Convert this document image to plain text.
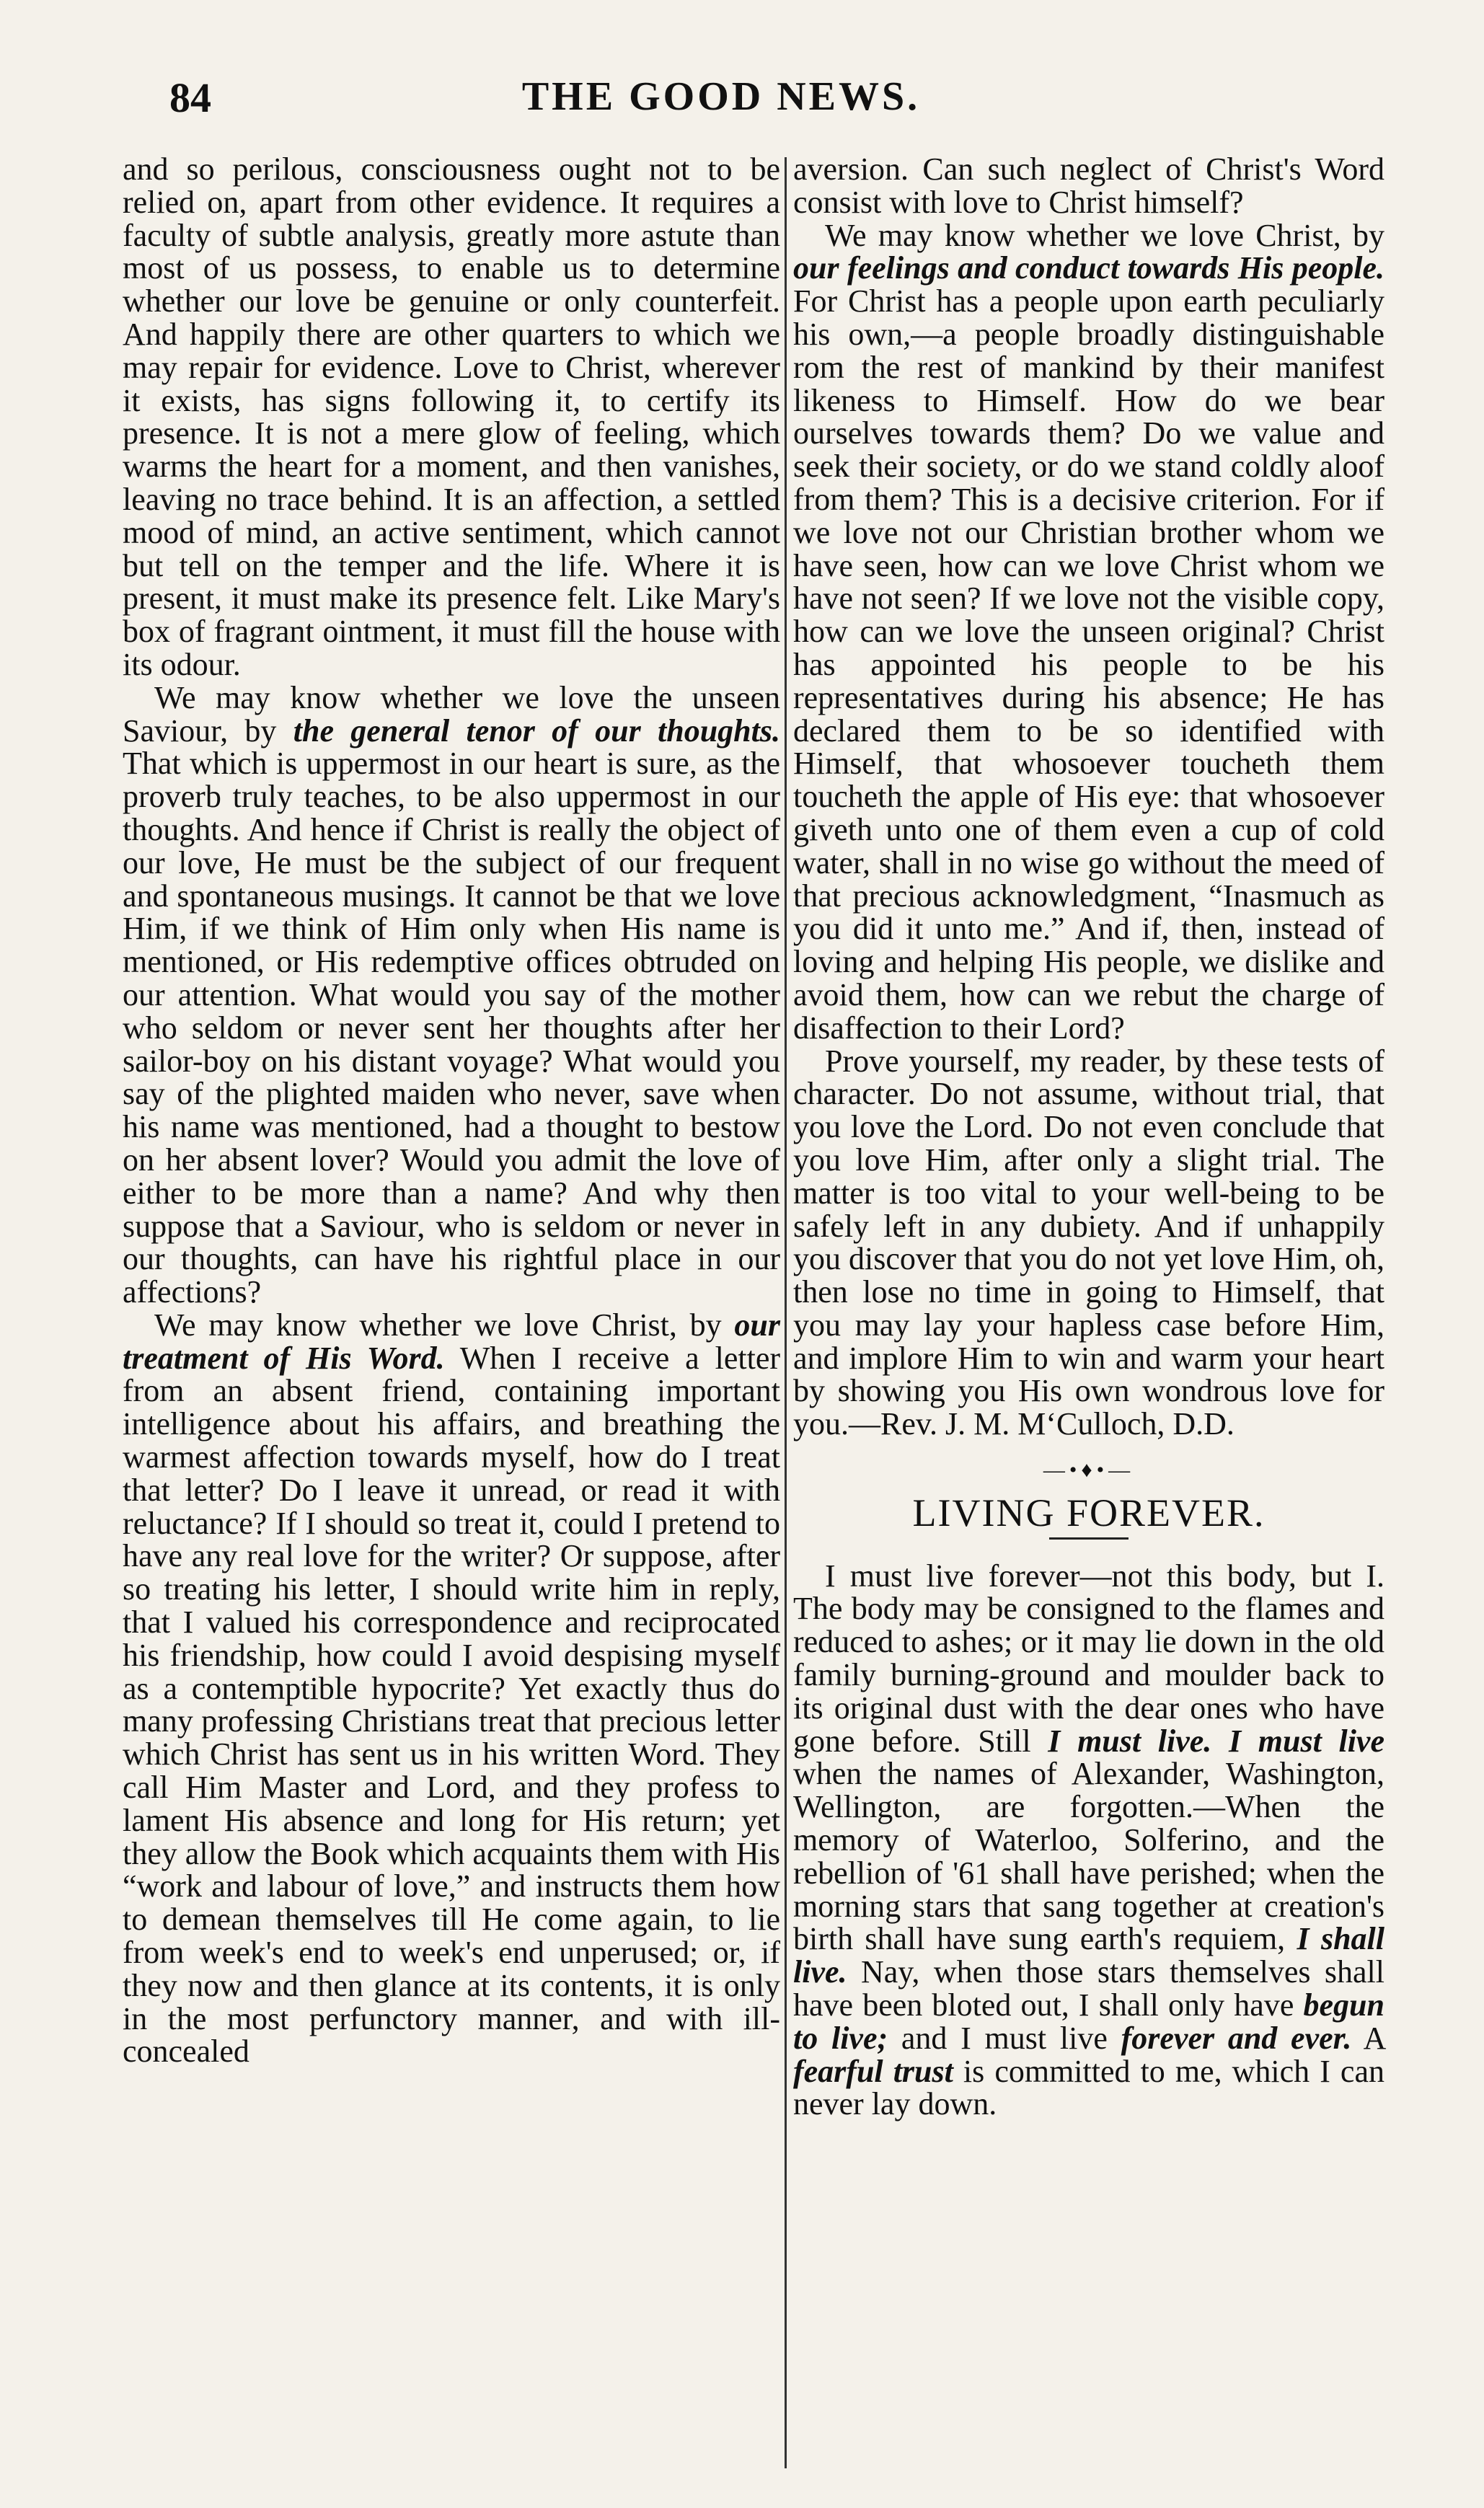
84	THE GOOD NEWS.

and so perilous, consciousness ought not to be relied on, apart from other evidence. It requires a faculty of subtle analysis, greatly more astute than most of us possess, to enable us to determine whether our love be genuine or only counterfeit. And happily there are other quarters to which we may repair for evidence. Love to Christ, wherever it exists, has signs following it, to certify its presence. It is not a mere glow of feeling, which warms the heart for a moment, and then vanishes, leaving no trace behind. It is an affection, a settled mood of mind, an active sentiment, which cannot but tell on the temper and the life. Where it is present, it must make its presence felt. Like Mary's box of fragrant ointment, it must fill the house with its odour.

We may know whether we love the unseen Saviour, by the general tenor of our thoughts. That which is uppermost in our heart is sure, as the proverb truly teaches, to be also uppermost in our thoughts. And hence if Christ is really the object of our love, He must be the subject of our frequent and spontaneous musings. It cannot be that we love Him, if we think of Him only when His name is mentioned, or His redemptive offices obtruded on our attention. What would you say of the mother who seldom or never sent her thoughts after her sailor-boy on his distant voyage? What would you say of the plighted maiden who never, save when his name was mentioned, had a thought to bestow on her absent lover? Would you admit the love of either to be more than a name? And why then suppose that a Saviour, who is seldom or never in our thoughts, can have his rightful place in our affections?

We may know whether we love Christ, by our treatment of His Word. When I receive a letter from an absent friend, containing important intelligence about his affairs, and breathing the warmest affection towards myself, how do I treat that letter? Do I leave it unread, or read it with reluctance? If I should so treat it, could I pretend to have any real love for the writer? Or suppose, after so treating his letter, I should write him in reply, that I valued his correspondence and reciprocated his friendship, how could I avoid despising myself as a contemptible hypocrite? Yet exactly thus do many professing Christians treat that precious letter which Christ has sent us in his written Word. They call Him Master and Lord, and they profess to lament His absence and long for His return; yet they allow the Book which acquaints them with His “work and labour of love,” and instructs them how to demean themselves till He come again, to lie from week's end to week's end unperused; or, if they now and then glance at its contents, it is only in the most perfunctory manner, and with ill-concealed

aversion. Can such neglect of Christ's Word consist with love to Christ himself?

We may know whether we love Christ, by our feelings and conduct towards His people. For Christ has a people upon earth peculiarly his own,—a people broadly distinguishable rom the rest of mankind by their manifest likeness to Himself. How do we bear ourselves towards them? Do we value and seek their society, or do we stand coldly aloof from them? This is a decisive criterion. For if we love not our Christian brother whom we have seen, how can we love Christ whom we have not seen? If we love not the visible copy, how can we love the unseen original? Christ has appointed his people to be his representatives during his absence; He has declared them to be so identified with Himself, that whosoever toucheth them toucheth the apple of His eye: that whosoever giveth unto one of them even a cup of cold water, shall in no wise go without the meed of that precious acknowledgment, “Inasmuch as you did it unto me.” And if, then, instead of loving and helping His people, we dislike and avoid them, how can we rebut the charge of disaffection to their Lord?

Prove yourself, my reader, by these tests of character. Do not assume, without trial, that you love the Lord. Do not even conclude that you love Him, after only a slight trial. The matter is too vital to your well-being to be safely left in any dubiety. And if unhappily you discover that you do not yet love Him, oh, then lose no time in going to Himself, that you may lay your hapless case before Him, and implore Him to win and warm your heart by showing you His own wondrous love for you.—Rev. J. M. M‘Culloch, D.D.

—•♦•—
LIVING FOREVER.

I must live forever—not this body, but I. The body may be consigned to the flames and reduced to ashes; or it may lie down in the old family burning-ground and moulder back to its original dust with the dear ones who have gone before. Still I must live. I must live when the names of Alexander, Washington, Wellington, are forgotten.—When the memory of Waterloo, Solferino, and the rebellion of '61 shall have perished; when the morning stars that sang together at creation's birth shall have sung earth's requiem, I shall live. Nay, when those stars themselves shall have been bloted out, I shall only have begun to live; and I must live forever and ever. A fearful trust is committed to me, which I can never lay down.
